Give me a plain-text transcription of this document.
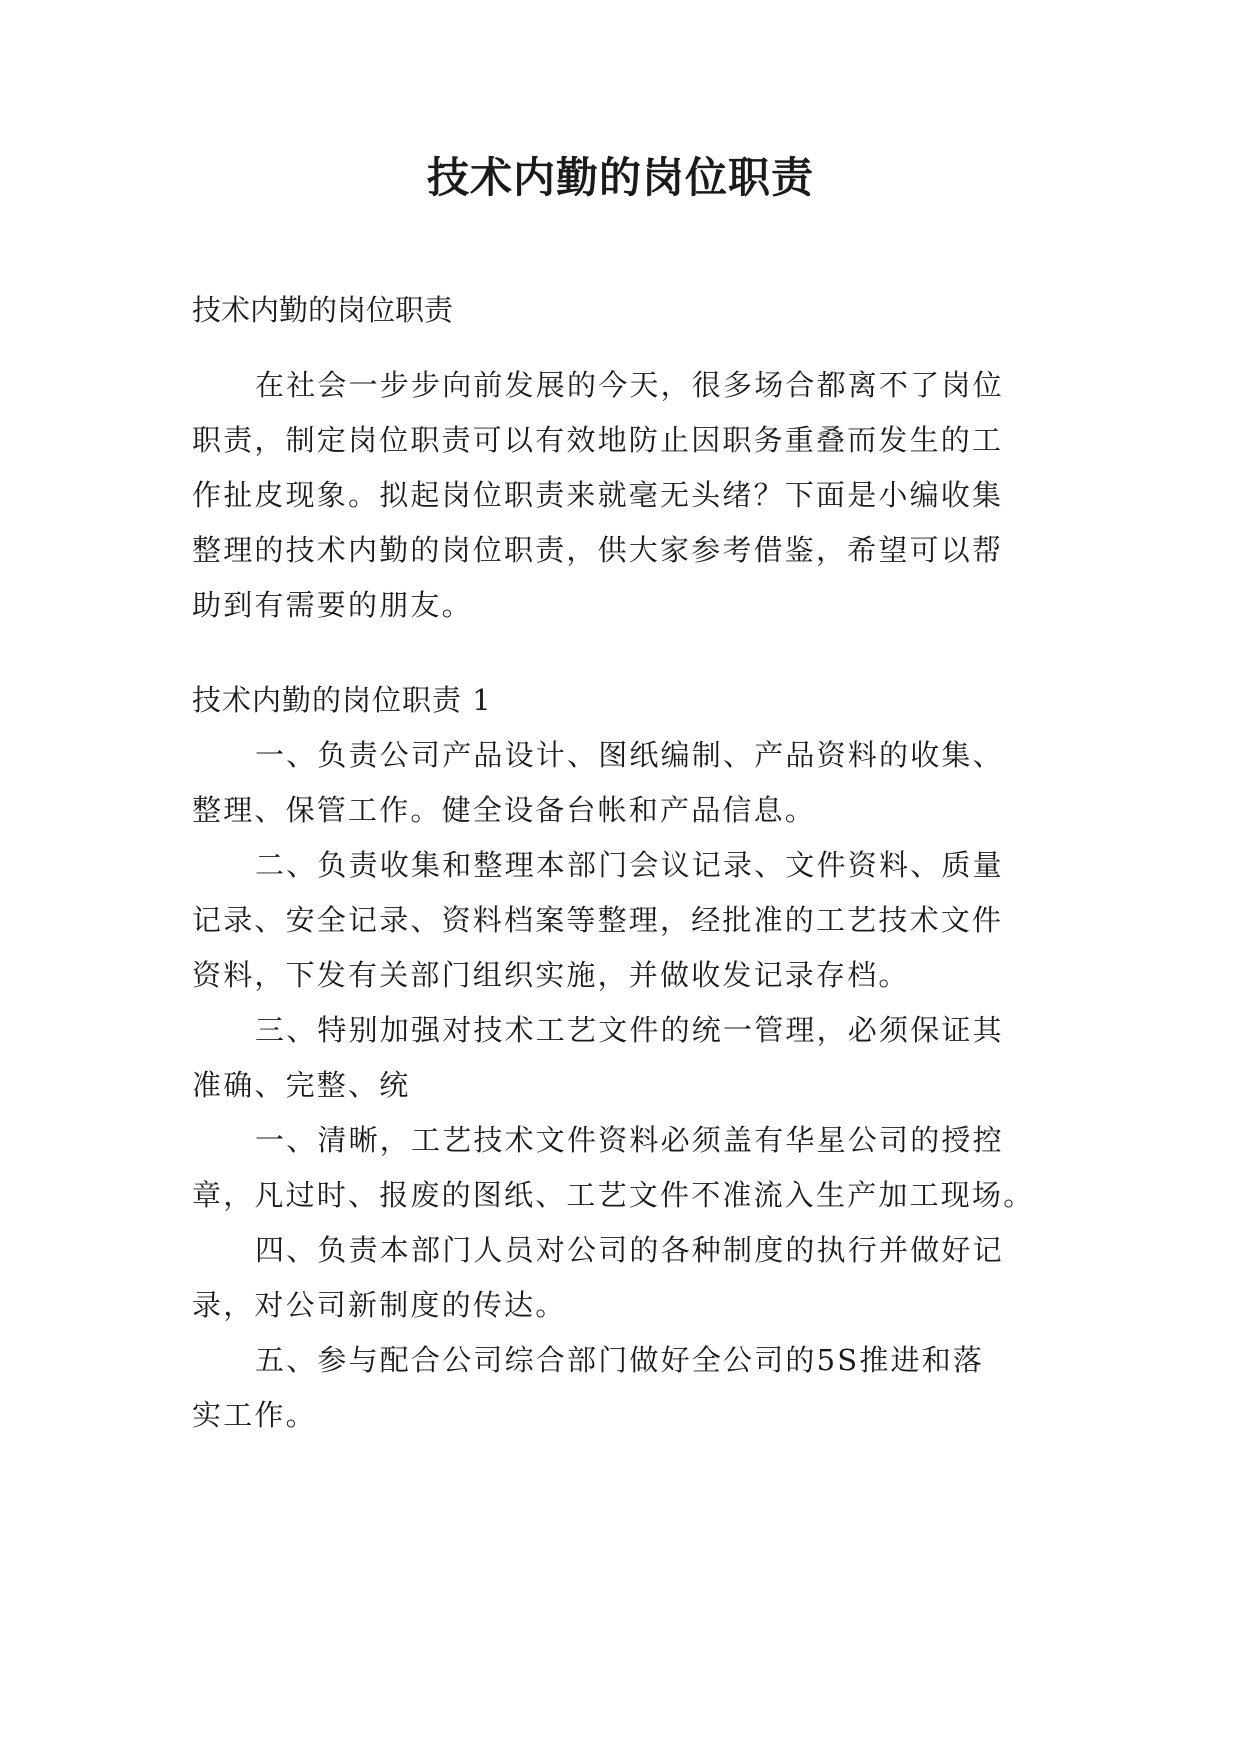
技术内勤的岗位职责
技术内勤的岗位职责
在社会一步步向前发展的今天，很多场合都离不了岗位
职责，制定岗位职责可以有效地防止因职务重叠而发生的工
作扯皮现象。拟起岗位职责来就毫无头绪？下面是小编收集
整理的技术内勤的岗位职责，供大家参考借鉴，希望可以帮
助到有需要的朋友。
技术内勤的岗位职责 1
一、负责公司产品设计、图纸编制、产品资料的收集、
整理、保管工作。健全设备台帐和产品信息。
二、负责收集和整理本部门会议记录、文件资料、质量
记录、安全记录、资料档案等整理，经批准的工艺技术文件
资料，下发有关部门组织实施，并做收发记录存档。
三、特别加强对技术工艺文件的统一管理，必须保证其
准确、完整、统
一、清晰，工艺技术文件资料必须盖有华星公司的授控
章，凡过时、报废的图纸、工艺文件不准流入生产加工现场。
四、负责本部门人员对公司的各种制度的执行并做好记
录，对公司新制度的传达。
五、参与配合公司综合部门做好全公司的5S推进和落
实工作。
